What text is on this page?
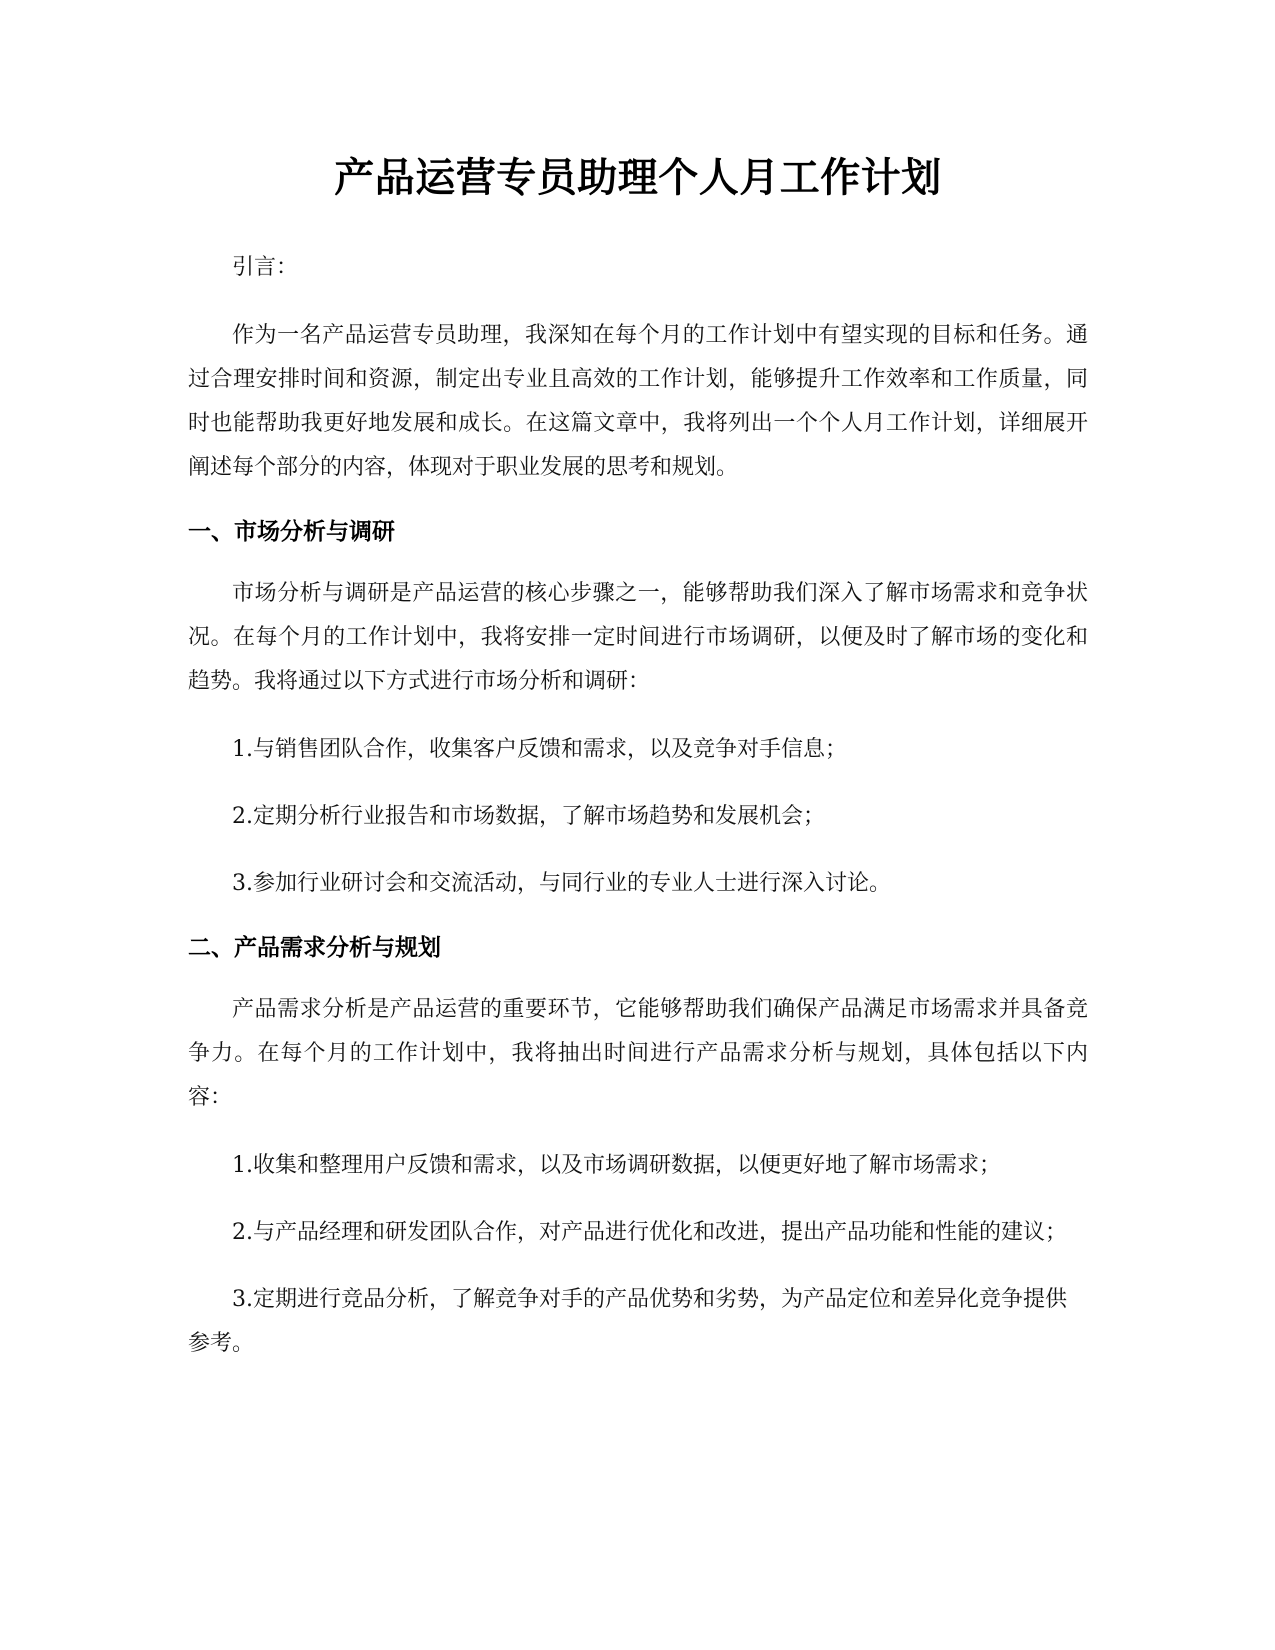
产品运营专员助理个人月工作计划

引言：

作为一名产品运营专员助理，我深知在每个月的工作计划中有望实现的目标和任务。通过合理安排时间和资源，制定出专业且高效的工作计划，能够提升工作效率和工作质量，同时也能帮助我更好地发展和成长。在这篇文章中，我将列出一个个人月工作计划，详细展开阐述每个部分的内容，体现对于职业发展的思考和规划。

一、市场分析与调研

市场分析与调研是产品运营的核心步骤之一，能够帮助我们深入了解市场需求和竞争状况。在每个月的工作计划中，我将安排一定时间进行市场调研，以便及时了解市场的变化和趋势。我将通过以下方式进行市场分析和调研：

1.与销售团队合作，收集客户反馈和需求，以及竞争对手信息；

2.定期分析行业报告和市场数据，了解市场趋势和发展机会；

3.参加行业研讨会和交流活动，与同行业的专业人士进行深入讨论。

二、产品需求分析与规划

产品需求分析是产品运营的重要环节，它能够帮助我们确保产品满足市场需求并具备竞争力。在每个月的工作计划中，我将抽出时间进行产品需求分析与规划，具体包括以下内容：

1.收集和整理用户反馈和需求，以及市场调研数据，以便更好地了解市场需求；

2.与产品经理和研发团队合作，对产品进行优化和改进，提出产品功能和性能的建议；

3.定期进行竞品分析，了解竞争对手的产品优势和劣势，为产品定位和差异化竞争提供参考。
